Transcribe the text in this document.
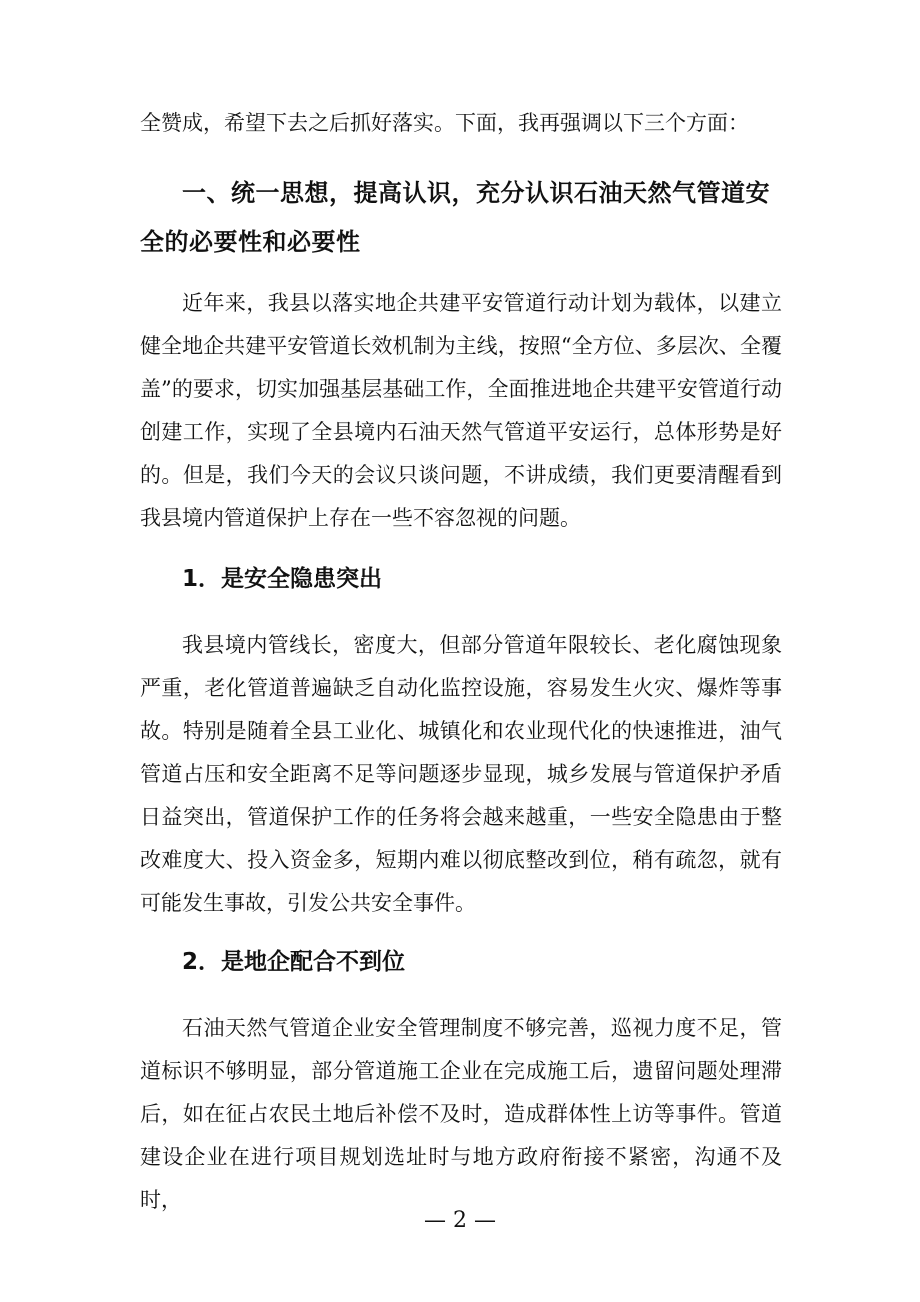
全赞成，希望下去之后抓好落实。下面，我再强调以下三个方面：

一、统一思想，提高认识，充分认识石油天然气管道安全的必要性和必要性

近年来，我县以落实地企共建平安管道行动计划为载体，以建立健全地企共建平安管道长效机制为主线，按照“全方位、多层次、全覆盖”的要求，切实加强基层基础工作，全面推进地企共建平安管道行动创建工作，实现了全县境内石油天然气管道平安运行，总体形势是好的。但是，我们今天的会议只谈问题，不讲成绩，我们更要清醒看到我县境内管道保护上存在一些不容忽视的问题。

1．是安全隐患突出

我县境内管线长，密度大，但部分管道年限较长、老化腐蚀现象严重，老化管道普遍缺乏自动化监控设施，容易发生火灾、爆炸等事故。特别是随着全县工业化、城镇化和农业现代化的快速推进，油气管道占压和安全距离不足等问题逐步显现，城乡发展与管道保护矛盾日益突出，管道保护工作的任务将会越来越重，一些安全隐患由于整改难度大、投入资金多，短期内难以彻底整改到位，稍有疏忽，就有可能发生事故，引发公共安全事件。

2．是地企配合不到位

石油天然气管道企业安全管理制度不够完善，巡视力度不足，管道标识不够明显，部分管道施工企业在完成施工后，遗留问题处理滞后，如在征占农民土地后补偿不及时，造成群体性上访等事件。管道建设企业在进行项目规划选址时与地方政府衔接不紧密，沟通不及时，

— 2 —
